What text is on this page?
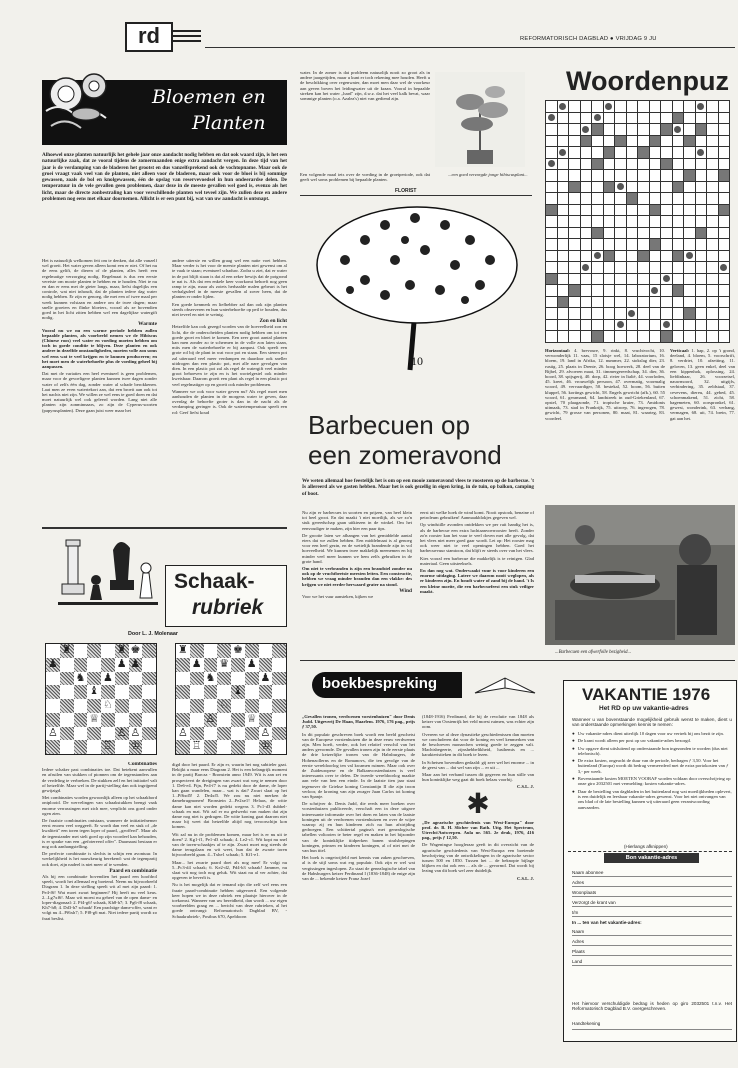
rd	REFORMATORISCH DAGBLAD ● VRIJDAG 9 JU
Bloemen en
Planten
Alhoewel onze planten natuurlijk het gehele jaar onze aandacht nodig hebben en dat ook waard zijn, is het een natuurlijke zaak, dat ze vooral tijdens de zomermaanden enige extra aandacht vergen. In deze tijd van het jaar is de verdamping van de bladeren het grootst en dus vanzelfsprekend ook de vochtopname. Maar ook de groei vraagt vaak veel van de planten, niet alleen voor de bladeren, maar ook voor de bloei is bij sommige gewassen, zoals de bol en knolgewassen, één de opslag van reservevoedsel in hun ondeerardse delen. De temperatuur in de vele gevallen geen problemen, daar deze in de meeste gevallen wel goed is, evenzo als het licht, maar de directe zonbestraling kan voor verschillende planten wel teveel zijn. We zullen deze en andere problemen nog eens met elkaar doornemen. Allicht is er een punt bij, wat van uw aandacht is ontsnapt.

Het is natuurlijk welkomen feit om te denken, dat alle vanzelf wel groeit. Het water geven alleen komt een er niet. Of het nu de eens gelift, de dieren of de planten, alles heeft een regelmatige verzorging nodig. Regelmaat is dus een eerste vereiste om mooie planten te hebben en te houden. Niet te nu en dan er eens met de gieter langs, maar, liefst dagelijks een controle, wat niet inhoudt, dat de planten iedere dag water nodig hebben. Er zijn er genoeg, die met een of twee maal per week kunnen volstaan en andere om de twee dagen; maar snelle groeiers en flinke bloeiers, vooral als ze bovendien goed in het licht zitten hebben wel een dagelijkse watergift nodig.

Warmte

Vooral nu we nu een warme periode hebben zullen bepaalde planten, als voorbeeld nemen we de Hibiscus (Chinese roos) veel water en voeding moeten hebben om toch in goede conditie te blijven. Deze planten en ook andere in dezelfde omstandigheden, moeten volle zon soms wel eens wat te veel krijgen en te kunnen produceren; en het moet men de waterbehoefte plus de voeding geheel bij aanpassen.

Dat met de variaties een heel eventueel is geen problemen, maar voor de gevoeligere planten kunnen twee dagen zonder water of zelfs één dag, zonder water al schade berokkenen. Laat men ze even watertekort aan, dat een broeit aan ook tot het nachts niet zijn. We willen ze wel eens te goed doen en dat moet natuurlijk wel ook geleerd worden. Lang niet alle planten zijn zonminnaars, zo zijn de Cyperus-soorten (papyrusplanten). Deze gaan juist weer maar het

andere uiterste en willen graag wel een natte voet hebben. Maar verder is het voor de meeste planten niet gewenst om al te vaak te staan; eventueel schaduw. Zodra u ziet, dat er water in de pot blijft staan is dat al een zeker bewijs dat de potgrond te nat is. Als dat een enkele keer voorkomt behoeft nog geen ramp te zijn, maar als zoiets herhaalde malen gebeurt is het verhalgsdeel in de meeste gevallen al zover heen, dat de planten er onder lijden.

Een goede kenmerk en liefhebber zal dan ook zijn planten steeds observeren en hun waterbehoefte op peil te houden, dus niet teveel en niet te weinig.

Zon en licht

Hetzelfde kan ook gezegd worden van de hoeveelheid zon en licht, die de onderscheiden planten nodig hebben om tot een goede groei en bloei te komen. Een zeer groot aantal planten kan men zonder zo te schermen in de volle zon laten staan, mits men de waterbehoefte er bij aanpast. Ook speelt een grote rol bij de plant in wat voor pot en staan. Een stenen pot zal uiteraard veel meer verdampen en daardoor ook sneller uitdrogen dan een plastic pot, met alle nare gevolgen van dien. In een plastic pot zal als regel de watergift veel minder groot behoeven te zijn en is het wortelgestel ook minder kwetsbaar. Daarom groeit een plant als regel in een plastic pot veel regelmatiger op en groeit ook minder problemen.

Wanneer we ook voor water geven nu? Als regel moet men aanhouden de planten in de morgens water te geven, daar overdag de behoefte groter is dan in de nacht als de verdamping geringer is. Ook de watertemperatuur speelt een rol: Geef liefst koud

water. In de zomer is dat probleem natuurlijk nooit zo groot als in andere jaargetijden, maar u kunt er toch rekening mee houden. Heeft u de beschikking over regenwater, dan moet men daar wel de voorkeur aan geven boven het leidingwater uit de kraan. Vooral in bepaalde streken kan het water „hard" zijn, d.w.z. dat het veel kalk bevat, waar sommige planten (o.a. Azalea's) niet van gediend zijn.

Een volgende maal iets over de voeding in de groeiperiode, ook dat geeft wel soms problemen bij bepaalde planten.
FLORIST
...een goed verzorgde jonge hibiscusplant...
10
Woordenpuz
Horizontaal: 4. brevoure, 9. rinkt, 8. vruchtvocht, 10. verwonderlijk 11. vaas, 15 slotsje wel, 14. laboratorium, 16. bloem, 19. land in Afrika, 12. nummer, 22. stokslag dier, 23. rustig, 25. plaats in Drente, 26. boog hoewerk, 28. deel van de Bijbel, 29. afvoeren maat, 31. timmergereedschap, 34. dier, 36. boord, 38. spijsgerij, 40. dorp, 42. rivier in Italië, 44. voorloden, 45. kreet, 46. vrouwelijk persoon, 47. overmatig, voormalig woord, 49. vervaardiger, 50. bestekal, 52. boom, 56. buiten kluppel, 56. kortings gewicht, 58. Engels gewricht (afk.), 60. 55 woord, 61. geramand, 64. landstreek in oud-Griekenland, 67. opstel, 70 plaagzonde, 71. tropische kruier, 73. Amidonis uitmaak, 73. stad in Frankrijk, 75. uitroep, 76. ingerogen, 78. gewicht, 79 grosse van personen, 80. maat, 81. waarteg, 83. voordeel.
Verticaal: 1. hap, 2. op 't grond, deeland, 4. bloem, 5. voorschrift, 8. verdriet, 10. afzetting, 11. geloven, 13. geen enkel, deel van een kippenhok, oplossing, 24. liefdinhaar, 26. voorzetsel, nauwmoord, 32. uitgijfs, verbindering, 35. zeldstaal, 37. cevevens, diereu, 44. gebed, 45. schoenmakend, 51. zicht, 58. bagemeten, 60. oorspronkel, 61. gewest, wonderink, 63. verhang, vermagen, 68. uit, 74. brein, 77. gat aan het.
Barbecuen op
een zomeravond
We weten allemaal hoe feestelijk het is om op een mooie zomeravond vlees te roosteren op de barbecue. 't Is allereerd als we gasten hebben. Maar het is ook gezellig in eigen kring, in de tuin, op balkon, camping of boot.

Nu zijn er barbecues in soorten en prijzen, van heel klein tot heel groot. En dat maakt 't niet moeilijk, als we zo'n stuk gereedschap gaan uitkiezen in de winkel. Om het eenvoudiger te maken, zijn hier een paar tips.

De grootte laten we afhangen van het gemiddelde aantal eters dat we zullen hebben. Een middelmaat is al genoeg voor een heel gezin, en de wettelijk brandende zijn in vol hoeveelheid. We kunnen twee makkelijk meenemen en hij minder veel meer kunnen we hem zelfs gebruiken in de grote hand.

Om niet te verbranden is zijn een brandstel zonder nu ook op de vruchtbeetsie meesten letten. Een constructie, hebben we vraag minder branden dan een vlakke: des krijgen we niet eerder herwaard grater na stond.

Wind

Voor we het vuur aansteken, kijken we

eerst uit welke hoek de wind komt. Nooit opstook, benzine of petroleum gebruiken! Aanmaakblokjes gegeven wel.

Op windstille avonden ontdekken we per ruit handig het is, als de barbecue een extra luchtaanvoerrooster heeft. Zonder zo'n rooster kan het vuur te veel doven met alle gevolg, dat het vlees niet meer goed gaar wordt. Let op: Het rooster mag ook weer niet te veel openingen hebben. Goed het barbecuevuur stamtoon, dat blijft er steeds over van het vlees.

Kies vooral een barbecue die makkelijk is te reinigen. Glad materiaal. Geen uitsteeksels.

En dan nog wat. Onderwaakt vuur is voor kinderen een enorme uitdaging. Latere we daarom nooit weglopen, als er kinderen zijn. En houdt water of zand bij de hand. 't Is een kleine moeite, die een barbecuefeest een stuk veiliger maakt.

...Barbecuen een afwerfolle bezigheid...
Schaak-
rubriek
Door L. J. Molenaar
♜	♜ ♚
♟	♟ ♟
♞ ♟
♝
♘
♕
♙	♙ ♙
♖ ♔
♜	♚
♟ ♛ ♟
♞	♟
♝
♘
♙	♕
♙	♙
♖	♔
Combinaties

Iedere schaker past combinaties toe. Dat betekent aanvullen en afruilen van stukken of pionnen om de tegenstanders aan de verdeling te verbreken. De stukken zelf en het initiatief valt of hetzelfde. Maar wel in de partij-stelling dan ook ingrijpend gewijzigd.

Met combinaties worden gewoonlijk alleen op het schaakbord ontplooid. De wervelingen van schaakstukken brengt vaak enorme verrassingen met zich mee, verplicht ons goed onder ogen zien.

De fraaiste combinaties ontstaan, wanneer de initiatiefnemer eerst enorm veel weggeeft. Er wordt dan veel en stuk of „de kwaliteit" een toren tegen loper of paard, „geofferd". Maar als de tegenstander met stelt goed op zijn voordeel kan behouden, is er sprake van een „gefotereerd offer". Daarnaast bestaan er nog ook aanhangstelling.

De perfecte combinatie is slechts in schijn een avontuur. In werkelijkheid is het nauwkeurig berekend: wat de tegenpartij ook doet, zijn nadeel is niet meer af te wenden.

Paard en combinatie

Als bij een combinatie bovendien het paard een hoofdrol speelt, wordt het allemaal erg boeiend. Neem nu bijvoorbeeld Diagram 1. In deze stelling speelt wit al met zijn paard: 1. Pe4-f6! Wat moet zwart beginnen? Hij heeft nu veel keus. 2...Lg7xf6!. Maar wit moest nu geheel van de open dame- en loper-diagonaal: 2. Pf4-g6! schaak, Kh8-h7; 3. Pg6-f8 schaak, Kh7-h8; 4. Dd3-h7 schaak! Een prachtige dame-offer, want er volgt nu 4...Pf6xh7; 5. Pf8-g6 mat. Niet iedere partij wordt zo fraai beslist.

digd door het paard. Er zijn er, waarin het nog subtieler gaat. Bekijkt u maar eens Diagram 2. Het is een belangrijk moment in de partij Barcza - Bronstein anno 1949. Wit is aan zet en prospecteert de dreigingen van zwart wat weg te nemen door 1. De6-e4. Fijn, Pe4-f7 is nu gedekt door de dame, de loper kan gaan wandelen, maar... wat is dat? Zwart slaat op het 1...Pf6xd5! 2. De4xf5. We zou nu niet merken de damebrugmonen! Bronstein 2...Pe2xe1! Helaas, de witte dame kan niet worden gedekt wegens 3. Pc1-d3 dubbel-schaak en mat. Wit zal er nu gedwerkt van maken dat zijn dame nog niet is gedragen. De witte koning gaat daarom niet maar hij weet dat hetzelfde altijd nog tevoorschijn kon komen.

Wit zal nu in de problemen komen, maar het is er nu uit te doen? 2. Kg1-f1, Pe1-d3 schaak; 4. Le2-c1. Wit kopt nu snel van de toren-schaakjes af te zijn. Zwart moet nog steeds de dame terugslaan en wit weet, hun dat de zwarte toren bijvoorbeeld gaan. 4...Txhe1 schaak; 5. Kf1-e1.

Maar... het zwarte paard doet als nog mee! Er volgt nu 5...Pc3-d4 schaak; 6. Ke2-d2, Pd4-b3 schaak! Jammer, nu slaat wit nog toch nog geluk. Wit staat nu al ver achter, dat opgeven te beverlt is.

Nu is het mogelijk dat er iemand zijn die zelf wel eens een fraaie paard-combinatie hebben uitgevoerd. Een volgende keer hopen we in deze rubriek een plaatsje hierover in de toekomst. Wanneer van uw bereidheid, dan wordt ... uw eigen voorbeelden graag en ... bericht van deze rubrieken, al het goede ontvangt: Reformatorisch Dagblad BV, -Schaakrubriek-, Postbus 670, Apeldoorn

boekbespreking

„Gevallen tronen, verdwenen vorstenhuizen" door Denis Judd. Uitgeverij De Haan, Haarlem. 1976, 176 pag., prijs ƒ 37,50.

In dit populair geschreven boek wordt een beeld geschetst van de Europese vorstenhuizen die in deze eeuw verdwenen zijn. Men hoeft, verder, ook het relatief verschil van het anders gevormde. De gevallen tronen zijn in de eerste plaats de drie keizerlijke tronen van de Habsburgers, de Hohenzollerns en de Romanovs, die ten gevolge van de eerste wereldoorlog ten val kwamen ruimen. Maar ook over de Zuideuropese en de Balkanvorstenhuizen is veel interessants over te delen. De tweede wereldoorlog maakte aan vele van hen een einde. In de laatste tien jaar staat tegenover de Griekse koning Constantijn II die zijn troon verloor, de kroning van zijn zwager Juan Carlos tot koning van Spanje.

De schrijver dr. Denis Judd, die reeds meer boeken over vorstenhuizen publiceerde, verschaft een in deze uitgave interessante informatie over het doen en laten van de laatste koningen uit de verdwenen vorstenhuizen en over de wijze waarop zij en hun kinderen zich na hun afstrijding gedroegen. Een schittertal pagina's met genealogische tabellen voltooien te beter regel en maken in het bijzonder van de koninklijke tiidperken banen stralsbepingen koningen, prinsen en kinderen koningen, al of niet met de van hun titel.

Het boek is ongetwijfeld met kennis van zaken geschreven, al is de stijl soms wat erg populair. Ook zijn er wel wat vergissingen ingeslopen. Zo staat de genealogische tabel van de Habsburgers keizer Ferdinand I (1836-1848) de enige zijn van de ... bekende keizer Franz Jozef

(1848-1916) Ferdinand, die bij de revolutie van 1848 als keizer van Oostenrijk het veld moest ruimen, was echter zijn oom.

Overeen we al deze dynastieke geschiedenissen dan moeten we concluderen dat voor de koning en veel kenmerken van de beschreven monarchen weinig goede te zeggen valt. Machtsbegeerte, zijnshebbelikheid, lusthemis en ... karakteristieken in dit boek te lezen.

In Schetsen bovendien gedaald: gij zeer wel het enorme ... in de geest van ... dat wel van zijn ... er uit ...

Maar aan het verband tussen dit gegeven en hun stille van hun koninklijke weg gaat dit boek helaas voorbij.

C.S.L. J.
✱

„De agrarische geschiedenis van West-Europa" door prof. dr. B. H. Slicher van Bath. Uitg. Het Spectrum, Utrecht/Antwerpen. Aula nr. 565. 2e druk, 1976, 416 pag., prijs ƒ 12,50.

De Wageningse hoogleraar geeft in dit overzicht van de agrarische geschiedenis van West-Europa een boeiende beschrijving van de ontwikkelingen in de agrarische sector tussen 500 en 1850. Tussen het ... de beknopte bijlage blijken en dat ook een ... als de ... gevormd. Dat wordt bij lezing van dit boek wel zeer duidelijk.

C.S.L. J.
VAKANTIE 1976
Het RD op uw vakantie-adres
Wanneer u van bovenstaande mogelijkheid gebruik wenst te maken, dient u van onderstaande opmerkingen kennis te nemen:
● Uw vakantie-adres dient uiterlijk 10 dagen voor uw vertrek bij ons bezit te zijn.
● De krant wordt alleen per post op uw vakantie-adres bezorgd.
● Uw opgave dient uitsluitend op onderstaande bon ingezonden te worden (dus niet telefonisch).
● De extra kosten, ongeacht de duur van de periode, bedragen ƒ 3,50. Voor het buitenland (Europa) wordt dit bedrag vermeerderd met de extra portokosten van ƒ 3,- per week.
● Bovenstaande kosten MOETEN VOORAF worden voldaan door overschrijving op onze giro 2032501 met vermelding: kosten vakantie-adres.
● Daar de bestelling van dagbladen in het buitenland nog wat moeilijkheden oplevert, is een duidelijk en leesbaar vakantie-adres gewenst. Voor het niet ontvangen van ons blad of de late bestelling kunnen wij uiteraard geen verantwoording aanvaarden.
(Hierlangs afknippen)
Bon vakantie-adres
Naam abonnee
Adres
Woonplaats
Verzorgt de krant van
t/m
In ... ten van het vakantie-adres:
Naam
Adres
Plaats
Land
Het hiervoor verschuldigde bedrag is heden op giro 2032501 t.n.v. Het Reformatorisch Dagblad B.V. overgeschreven.
Handtekening
